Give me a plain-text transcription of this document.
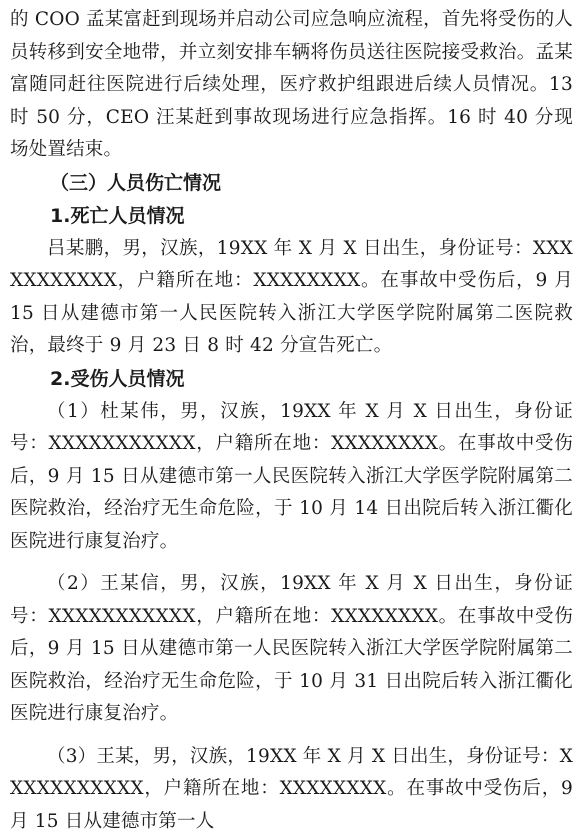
的 COO 孟某富赶到现场并启动公司应急响应流程，首先将受伤的人员转移到安全地带，并立刻安排车辆将伤员送往医院接受救治。孟某富随同赶往医院进行后续处理，医疗救护组跟进后续人员情况。13 时 50 分，CEO 汪某赶到事故现场进行应急指挥。16 时 40 分现场处置结束。

（三）人员伤亡情况
1.死亡人员情况

吕某鹏，男，汉族，19XX 年 X 月 X 日出生，身份证号：XXXXXXXXXXX，户籍所在地：XXXXXXXX。在事故中受伤后，9 月 15 日从建德市第一人民医院转入浙江大学医学院附属第二医院救治，最终于 9 月 23 日 8 时 42 分宣告死亡。

2.受伤人员情况

（1）杜某伟，男，汉族，19XX 年 X 月 X 日出生，身份证号：XXXXXXXXXXX，户籍所在地：XXXXXXXX。在事故中受伤后，9 月 15 日从建德市第一人民医院转入浙江大学医学院附属第二医院救治，经治疗无生命危险，于 10 月 14 日出院后转入浙江衢化医院进行康复治疗。

（2）王某信，男，汉族，19XX 年 X 月 X 日出生，身份证号：XXXXXXXXXXX，户籍所在地：XXXXXXXX。在事故中受伤后，9 月 15 日从建德市第一人民医院转入浙江大学医学院附属第二医院救治，经治疗无生命危险，于 10 月 31 日出院后转入浙江衢化医院进行康复治疗。

（3）王某，男，汉族，19XX 年 X 月 X 日出生，身份证号：XXXXXXXXXXX，户籍所在地：XXXXXXXX。在事故中受伤后，9 月 15 日从建德市第一人
